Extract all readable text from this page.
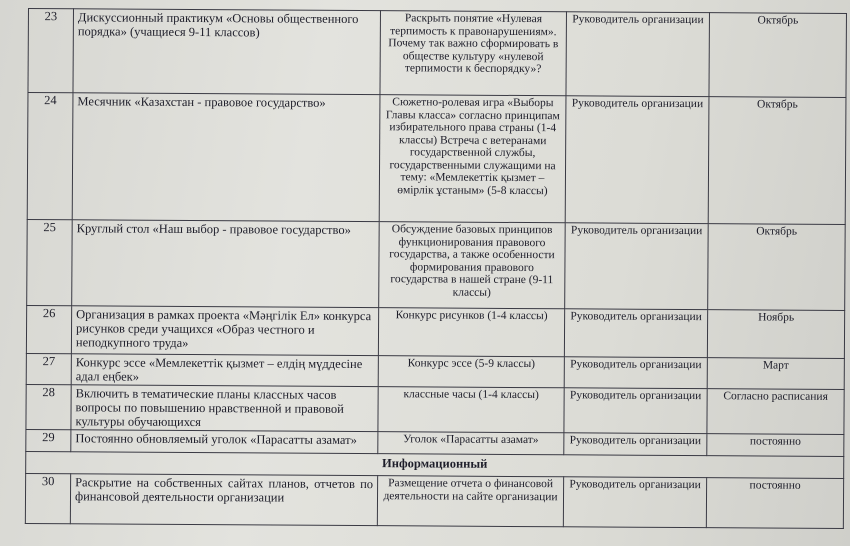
23	Дискуссионный практикум «Основы общественного порядка» (учащиеся 9-11 классов)	Раскрыть понятие «Нулевая терпимость к правонарушениям». Почему так важно сформировать в обществе культуру «нулевой терпимости к беспорядку»?	Руководитель организации	Октябрь
24	Месячник «Казахстан - правовое государство»	Сюжетно-ролевая игра «Выборы Главы класса» согласно принципам избирательного права страны (1-4 классы) Встреча с ветеранами государственной службы, государственными служащими на тему: «Мемлекеттік қызмет – өмірлік ұстаным» (5-8 классы)	Руководитель организации	Октябрь
25	Круглый стол «Наш выбор - правовое государство»	Обсуждение базовых принципов функционирования правового государства, а также особенности формирования правового государства в нашей стране (9-11 классы)	Руководитель организации	Октябрь
26	Организация в рамках проекта «Мәңгілік Ел» конкурса рисунков среди учащихся «Образ честного и неподкупного труда»	Конкурс рисунков (1-4 классы)	Руководитель организации	Ноябрь
27	Конкурс эссе «Мемлекеттік қызмет – елдің мүддесіне адал еңбек»	Конкурс эссе (5-9 классы)	Руководитель организации	Март
28	Включить в тематические планы классных часов вопросы по повышению нравственной и правовой культуры обучающихся	классные часы (1-4 классы)	Руководитель организации	Согласно расписания
29	Постоянно обновляемый уголок «Парасатты азамат»	Уголок «Парасатты азамат»	Руководитель организации	постоянно
Информационный				
30	Раскрытие на собственных сайтах планов, отчетов по финансовой деятельности организации	Размещение отчета о финансовой деятельности на сайте организации	Руководитель организации	постоянно
